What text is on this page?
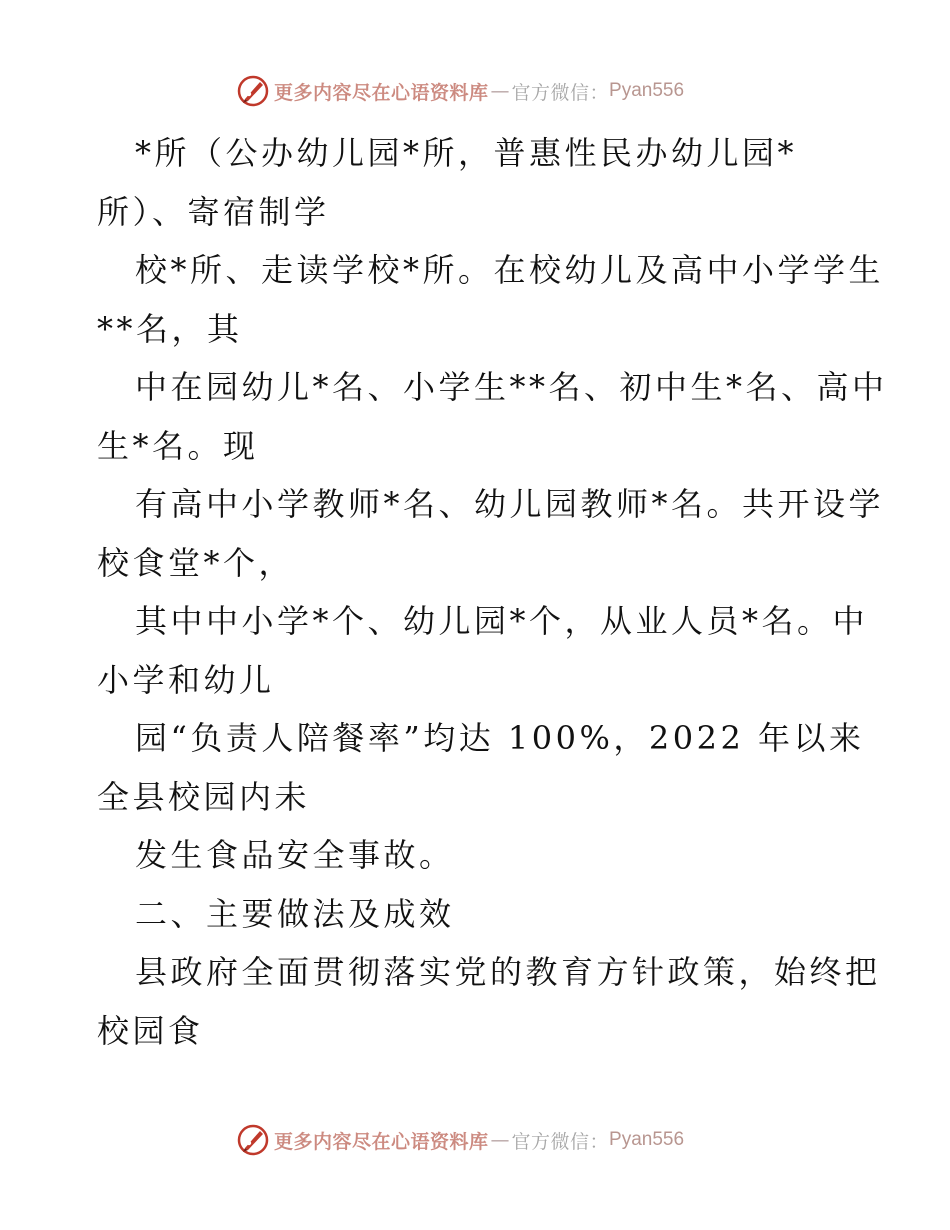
更多内容尽在心语资料库 — 官方微信： Pyan556
*所（公办幼儿园*所，普惠性民办幼儿园*
所）、寄宿制学
校*所、走读学校*所。在校幼儿及高中小学学生
**名，其
中在园幼儿*名、小学生**名、初中生*名、高中
生*名。现
有高中小学教师*名、幼儿园教师*名。共开设学
校食堂*个，
其中中小学*个、幼儿园*个，从业人员*名。中
小学和幼儿
园“负责人陪餐率”均达 100%，2022 年以来
全县校园内未
发生食品安全事故。
二、主要做法及成效
县政府全面贯彻落实党的教育方针政策，始终把
校园食
更多内容尽在心语资料库 — 官方微信： Pyan556
